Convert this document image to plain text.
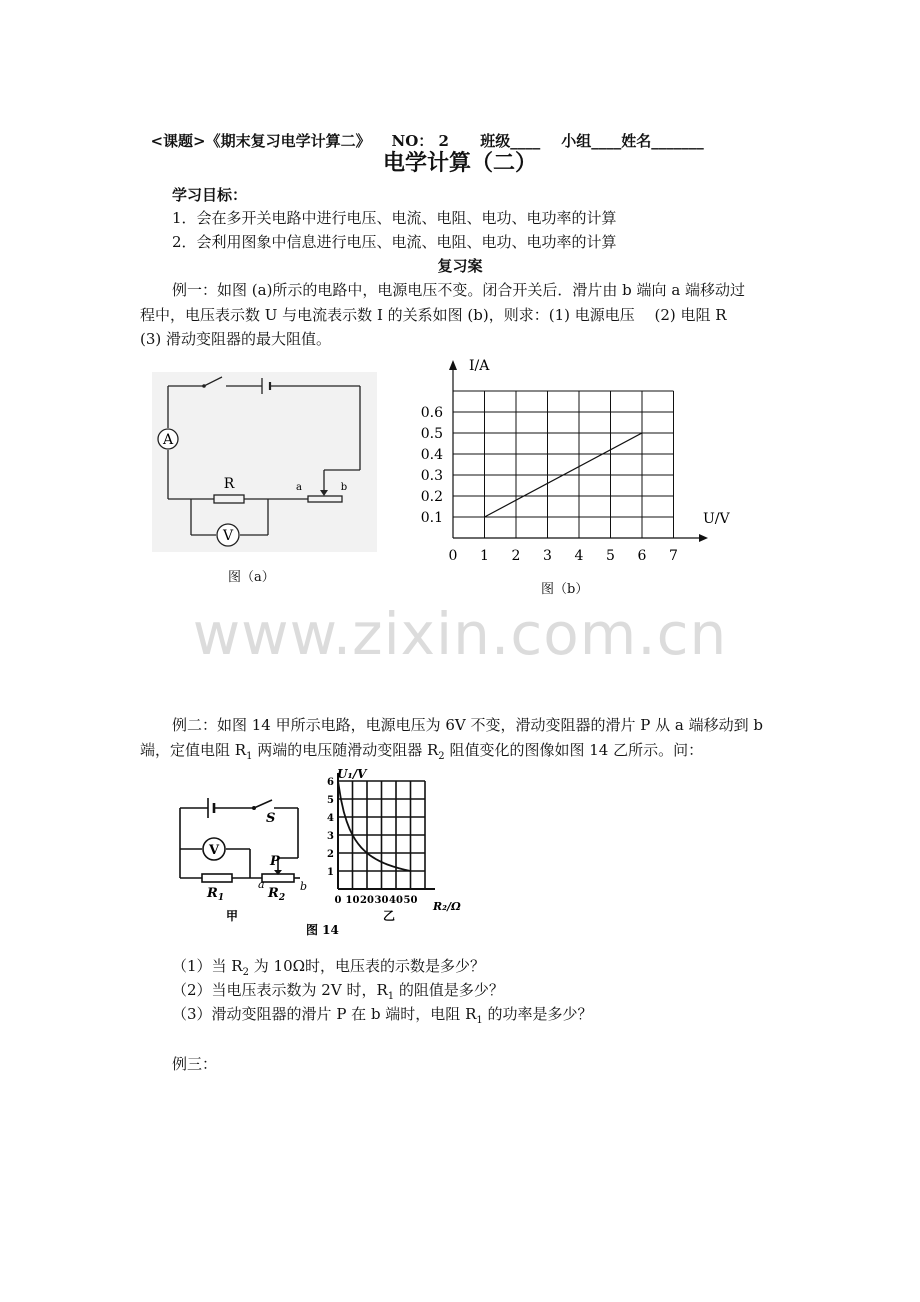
<课题>《期末复习电学计算二》 NO： 2 班级____ 小组____姓名_______

电学计算（二）
学习目标：
1．会在多开关电路中进行电压、电流、电阻、电功、电功率的计算
2．会利用图象中信息进行电压、电流、电阻、电功、电功率的计算
复习案
例一：如图 (a)所示的电路中，电源电压不变。闭合开关后．滑片由 b 端向 a 端移动过
程中，电压表示数 U 与电流表示数 I 的关系如图 (b)，则求：(1) 电源电压　 (2) 电阻 R
(3) 滑动变阻器的最大阻值。
A
V
R	a	b
图（a）
0 1 2 3 4 5 6 7
0.1
0.2
0.3
0.4
0.5
0.6
I/A
U/V
图（b）
www.zixin.com.cn
例二：如图 14 甲所示电路，电源电压为 6V 不变，滑动变阻器的滑片 P 从 a 端移动到 b
端，定值电阻 $R_1$ 两端的电压随滑动变阻器 $R_2$ 阻值变化的图像如图 14 乙所示。问：
V
S
P
$R_1$	$R_2$
a	b
甲
图 14
6
5
4
3
2
1
0 10 20 30 40 50
U₁/V
R₂/Ω
乙
（1）当 $R_2$ 为 10Ω时，电压表的示数是多少？
（2）当电压表示数为 2V 时，$R_1$ 的阻值是多少？
（3）滑动变阻器的滑片 P 在 b 端时，电阻 $R_1$ 的功率是多少？
例三：
